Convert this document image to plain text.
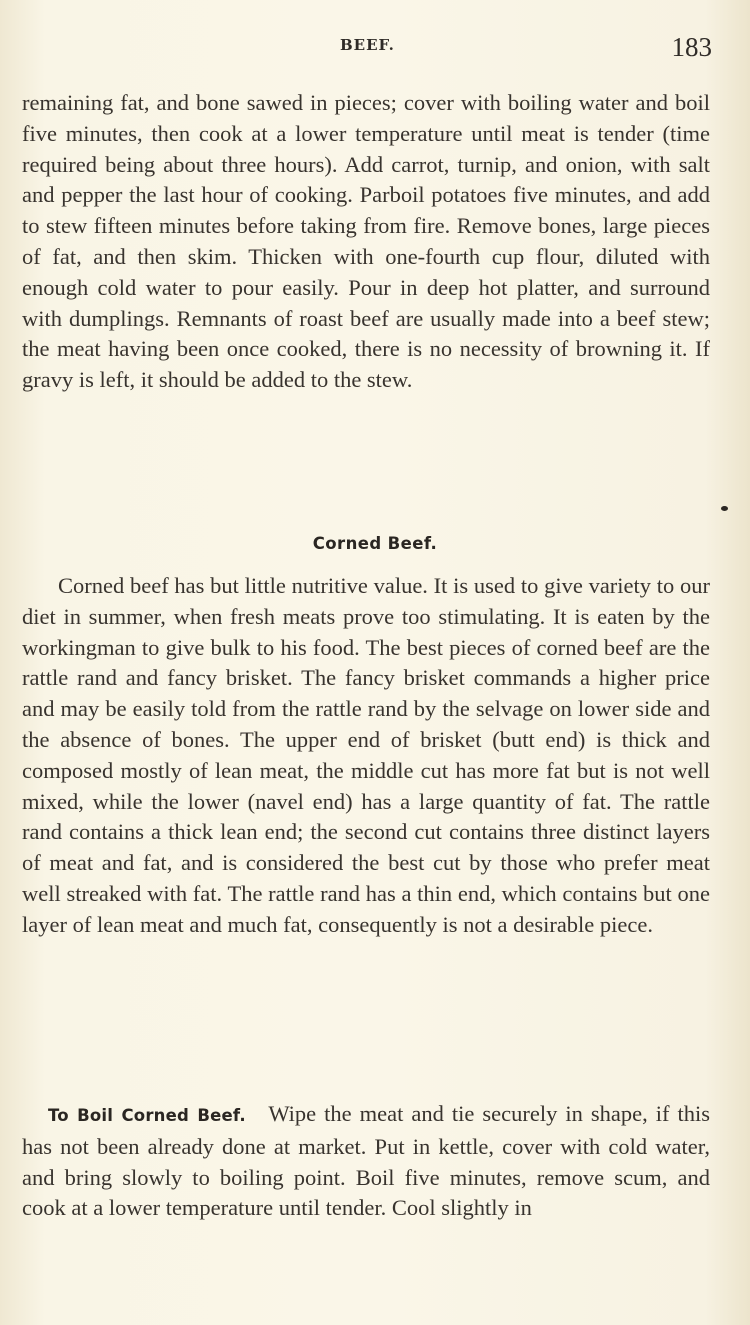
BEEF.	183

remaining fat, and bone sawed in pieces; cover with boiling water and boil five minutes, then cook at a lower temperature until meat is tender (time required being about three hours). Add carrot, turnip, and onion, with salt and pepper the last hour of cooking. Parboil potatoes five minutes, and add to stew fifteen minutes before taking from fire. Remove bones, large pieces of fat, and then skim. Thicken with one-fourth cup flour, diluted with enough cold water to pour easily. Pour in deep hot platter, and surround with dumplings. Remnants of roast beef are usually made into a beef stew; the meat having been once cooked, there is no necessity of browning it. If gravy is left, it should be added to the stew.

Corned Beef.

Corned beef has but little nutritive value. It is used to give variety to our diet in summer, when fresh meats prove too stimulating. It is eaten by the workingman to give bulk to his food. The best pieces of corned beef are the rattle rand and fancy brisket. The fancy brisket commands a higher price and may be easily told from the rattle rand by the selvage on lower side and the absence of bones. The upper end of brisket (butt end) is thick and composed mostly of lean meat, the middle cut has more fat but is not well mixed, while the lower (navel end) has a large quantity of fat. The rattle rand contains a thick lean end; the second cut contains three distinct layers of meat and fat, and is considered the best cut by those who prefer meat well streaked with fat. The rattle rand has a thin end, which contains but one layer of lean meat and much fat, consequently is not a desirable piece.

To Boil Corned Beef.  Wipe the meat and tie securely in shape, if this has not been already done at market. Put in kettle, cover with cold water, and bring slowly to boiling point. Boil five minutes, remove scum, and cook at a lower temperature until tender. Cool slightly in
